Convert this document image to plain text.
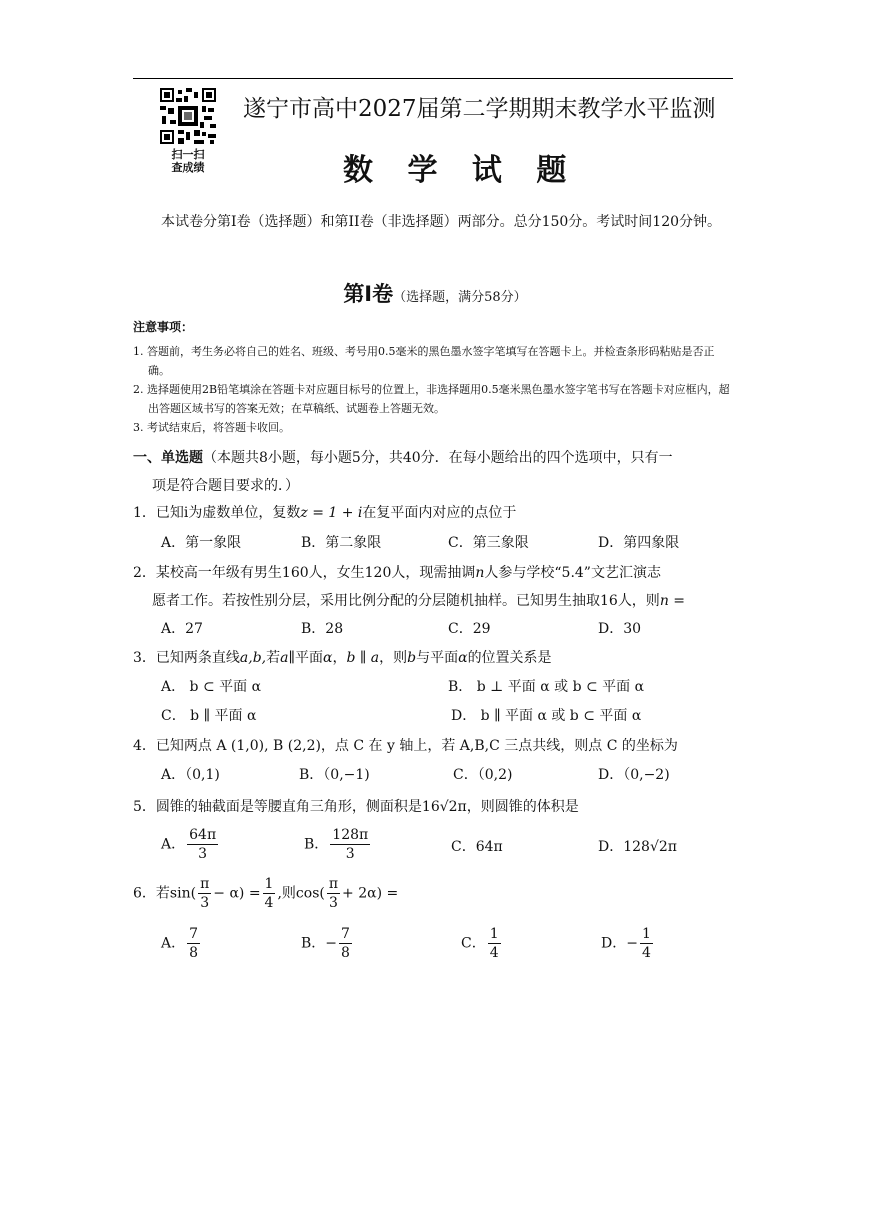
扫一扫
查成绩
遂宁市高中2027届第二学期期末教学水平监测
数 学 试 题
本试卷分第Ⅰ卷（选择题）和第II卷（非选择题）两部分。总分150分。考试时间120分钟。
第Ⅰ卷（选择题，满分58分）
注意事项：

1. 答题前，考生务必将自己的姓名、班级、考号用0.5毫米的黑色墨水签字笔填写在答题卡上。并检查条形码粘贴是否正确。

2. 选择题使用2B铅笔填涂在答题卡对应题目标号的位置上，非选择题用0.5毫米黑色墨水签字笔书写在答题卡对应框内，超出答题区域书写的答案无效；在草稿纸、试题卷上答题无效。

3. 考试结束后，将答题卡收回。

一、单选题（本题共8小题，每小题5分，共40分．在每小题给出的四个选项中，只有一
项是符合题目要求的．）
1．已知i为虚数单位，复数z = 1 + i在复平面内对应的点位于
A．第一象限	B．第二象限	C．第三象限	D．第四象限
2．某校高一年级有男生160人，女生120人，现需抽调n人参与学校“5.4”文艺汇演志
愿者工作。若按性别分层，采用比例分配的分层随机抽样。已知男生抽取16人，则n =
A．27	B．28	C．29	D．30
3．已知两条直线a,b,若a∥平面α，b ∥ a，则b与平面α的位置关系是
A． b ⊂ 平面 α	B． b ⊥ 平面 α 或 b ⊂ 平面 α
C． b ∥ 平面 α	D． b ∥ 平面 α 或 b ⊂ 平面 α
4．已知两点 A (1,0), B (2,2)，点 C 在 y 轴上，若 A,B,C 三点共线，则点 C 的坐标为
A．（0,1)	B．（0,−1)	C．（0,2)	D．（0,−2)
5．圆锥的轴截面是等腰直角三角形，侧面积是16√2π，则圆锥的体积是
A． $\frac{64\pi}{3}$	B． $\frac{128\pi}{3}$	C．64π	D．128√2π
6．若$\sin( \frac{\pi}{3} - \alpha) = \frac{1}{4}$ ,则$\cos( \frac{\pi}{3} + 2\alpha)$ =
A． $\frac{7}{8}$	B．− $\frac{7}{8}$	C． $\frac{1}{4}$	D．− $\frac{1}{4}$
